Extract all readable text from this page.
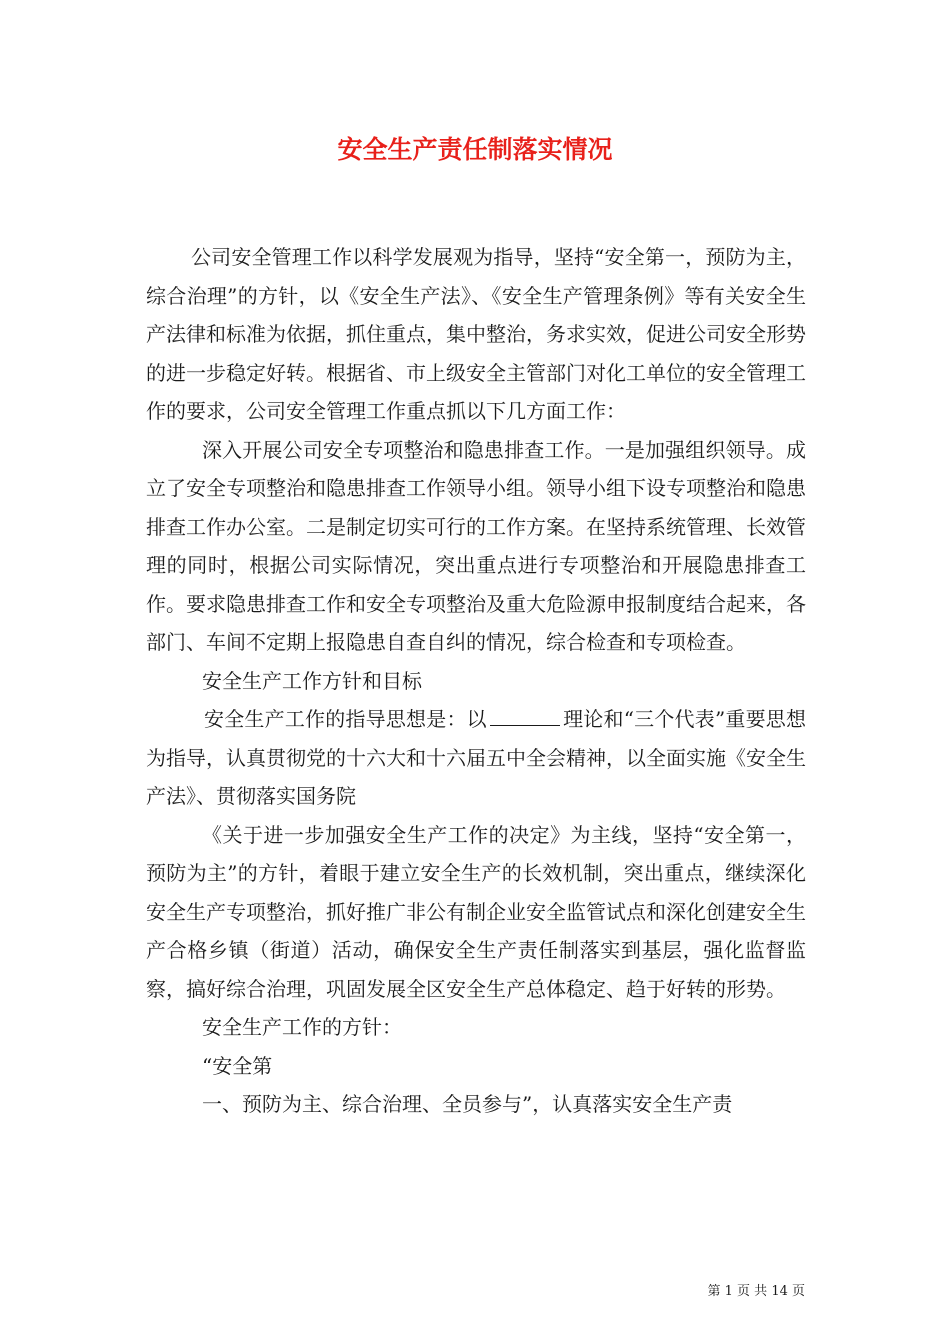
安全生产责任制落实情况

公司安全管理工作以科学发展观为指导，坚持“安全第一，预防为主，综合治理”的方针，以《安全生产法》、《安全生产管理条例》等有关安全生产法律和标准为依据，抓住重点，集中整治，务求实效，促进公司安全形势的进一步稳定好转。根据省、市上级安全主管部门对化工单位的安全管理工作的要求，公司安全管理工作重点抓以下几方面工作：

深入开展公司安全专项整治和隐患排查工作。一是加强组织领导。成立了安全专项整治和隐患排查工作领导小组。领导小组下设专项整治和隐患排查工作办公室。二是制定切实可行的工作方案。在坚持系统管理、长效管理的同时，根据公司实际情况，突出重点进行专项整治和开展隐患排查工作。要求隐患排查工作和安全专项整治及重大危险源申报制度结合起来，各部门、车间不定期上报隐患自查自纠的情况，综合检查和专项检查。

安全生产工作方针和目标

安全生产工作的指导思想是：以	理论和“三个代表”重要思想为指导，认真贯彻党的十六大和十六届五中全会精神，以全面实施《安全生产法》、贯彻落实国务院

《关于进一步加强安全生产工作的决定》为主线，坚持“安全第一，预防为主”的方针，着眼于建立安全生产的长效机制，突出重点，继续深化安全生产专项整治，抓好推广非公有制企业安全监管试点和深化创建安全生产合格乡镇（街道）活动，确保安全生产责任制落实到基层，强化监督监察，搞好综合治理，巩固发展全区安全生产总体稳定、趋于好转的形势。

安全生产工作的方针：

“安全第

一、预防为主、综合治理、全员参与”，认真落实安全生产责

第 1 页 共 14 页
